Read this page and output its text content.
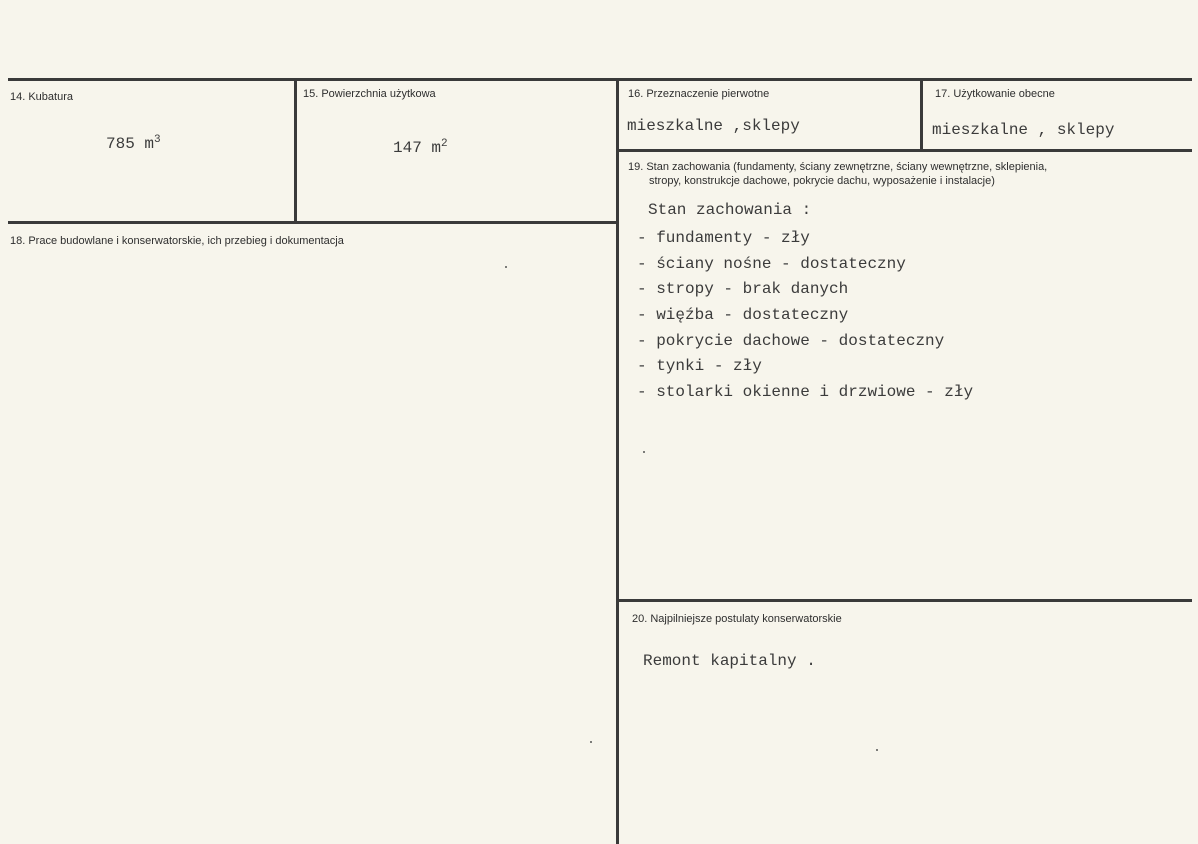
14. Kubatura
785 $m^3$
15. Powierzchnia użytkowa
147 $m^2$
16. Przeznaczenie pierwotne
mieszkalne ,sklepy
17. Użytkowanie obecne
mieszkalne , sklepy
18. Prace budowlane i konserwatorskie, ich przebieg i dokumentacja
19. Stan zachowania (fundamenty, ściany zewnętrzne, ściany wewnętrzne, sklepienia,
stropy, konstrukcje dachowe, pokrycie dachu, wyposażenie i instalacje)
Stan zachowania :
- fundamenty - zły
- ściany nośne - dostateczny
- stropy - brak danych
- więźba - dostateczny
- pokrycie dachowe - dostateczny
- tynki - zły
- stolarki okienne i drzwiowe - zły
20. Najpilniejsze postulaty konserwatorskie
Remont kapitalny .
